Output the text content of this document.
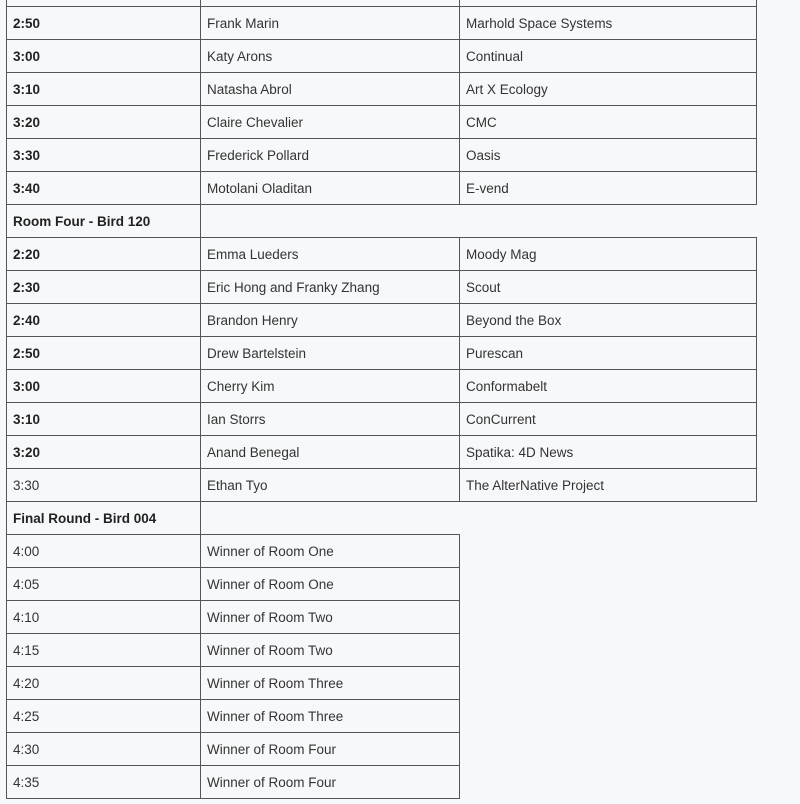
2:50	Frank Marin	Marhold Space Systems
3:00	Katy Arons	Continual
3:10	Natasha Abrol	Art X Ecology
3:20	Claire Chevalier	CMC
3:30	Frederick Pollard	Oasis
3:40	Motolani Oladitan	E-vend
Room Four - Bird 120		
2:20	Emma Lueders	Moody Mag
2:30	Eric Hong and Franky Zhang	Scout
2:40	Brandon Henry	Beyond the Box
2:50	Drew Bartelstein	Purescan
3:00	Cherry Kim	Conformabelt
3:10	Ian Storrs	ConCurrent
3:20	Anand Benegal	Spatika: 4D News
3:30	Ethan Tyo	The AlterNative Project
Final Round - Bird 004		
4:00	Winner of Room One	
4:05	Winner of Room One	
4:10	Winner of Room Two	
4:15	Winner of Room Two	
4:20	Winner of Room Three	
4:25	Winner of Room Three	
4:30	Winner of Room Four	
4:35	Winner of Room Four	
